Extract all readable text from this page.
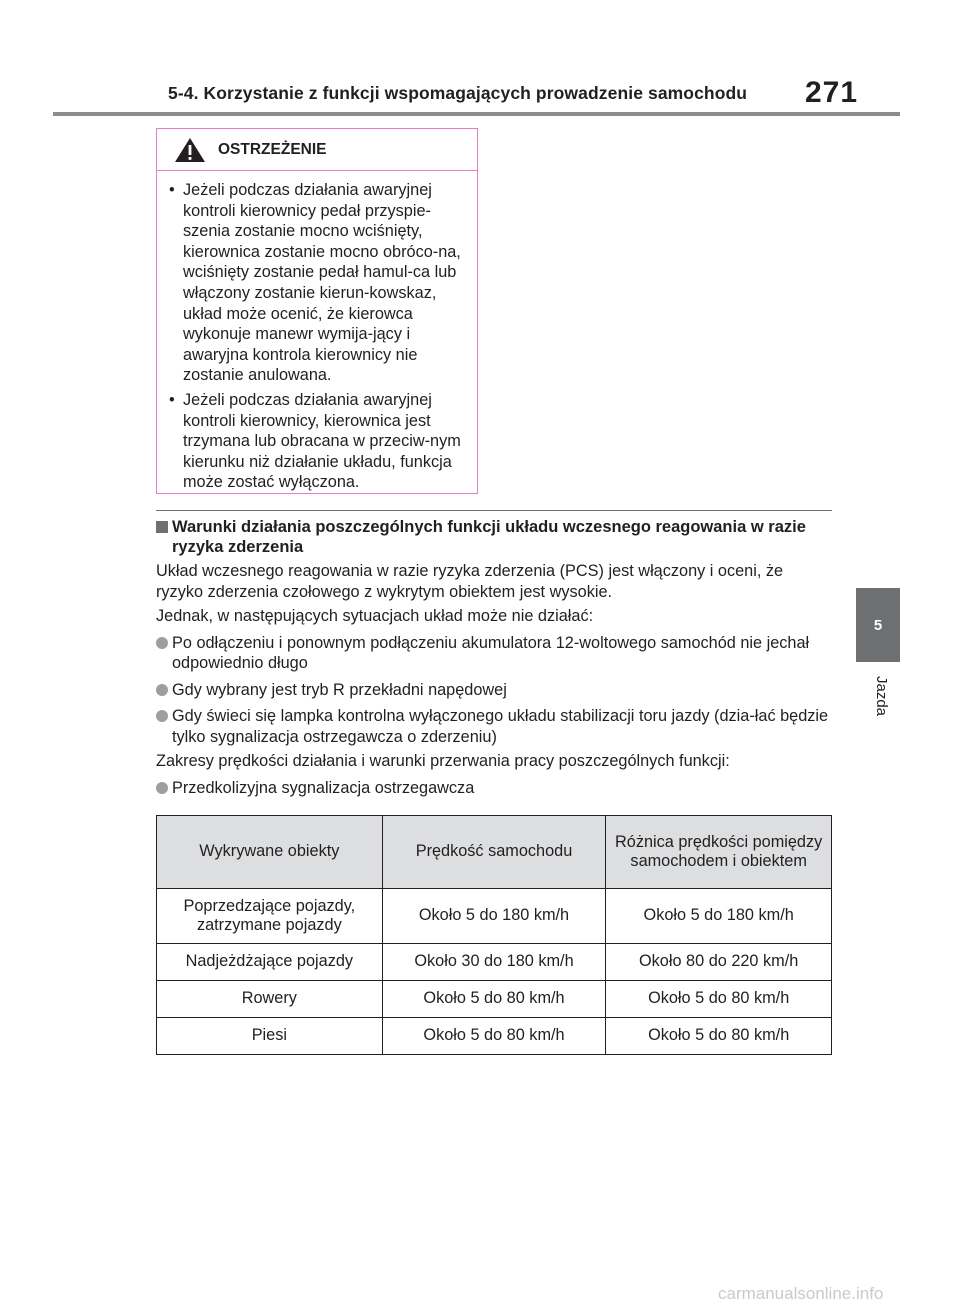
5-4. Korzystanie z funkcji wspomagających prowadzenie samochodu 271
5
Jazda
OSTRZEŻENIE
• Jeżeli podczas działania awaryjnej kontroli kierownicy pedał przyspie-szenia zostanie mocno wciśnięty, kierownica zostanie mocno obróco-na, wciśnięty zostanie pedał hamul-ca lub włączony zostanie kierun-kowskaz, układ może ocenić, że kierowca wykonuje manewr wymija-jący i awaryjna kontrola kierownicy nie zostanie anulowana.
• Jeżeli podczas działania awaryjnej kontroli kierownicy, kierownica jest trzymana lub obracana w przeciw-nym kierunku niż działanie układu, funkcja może zostać wyłączona.
Warunki działania poszczególnych funkcji układu wczesnego reagowania w razie ryzyka zderzenia
Układ wczesnego reagowania w razie ryzyka zderzenia (PCS) jest włączony i oceni, że ryzyko zderzenia czołowego z wykrytym obiektem jest wysokie.
Jednak, w następujących sytuacjach układ może nie działać:
Po odłączeniu i ponownym podłączeniu akumulatora 12-woltowego samochód nie jechał odpowiednio długo
Gdy wybrany jest tryb R przekładni napędowej
Gdy świeci się lampka kontrolna wyłączonego układu stabilizacji toru jazdy (dzia-łać będzie tylko sygnalizacja ostrzegawcza o zderzeniu)
Zakresy prędkości działania i warunki przerwania pracy poszczególnych funkcji:
Przedkolizyjna sygnalizacja ostrzegawcza
Wykrywane obiekty	Prędkość samochodu	Różnica prędkości pomiędzy samochodem i obiektem
Poprzedzające pojazdy, zatrzymane pojazdy	Około 5 do 180 km/h	Około 5 do 180 km/h
Nadjeżdżające pojazdy	Około 30 do 180 km/h	Około 80 do 220 km/h
Rowery	Około 5 do 80 km/h	Około 5 do 80 km/h
Piesi	Około 5 do 80 km/h	Około 5 do 80 km/h
carmanualsonline.info
